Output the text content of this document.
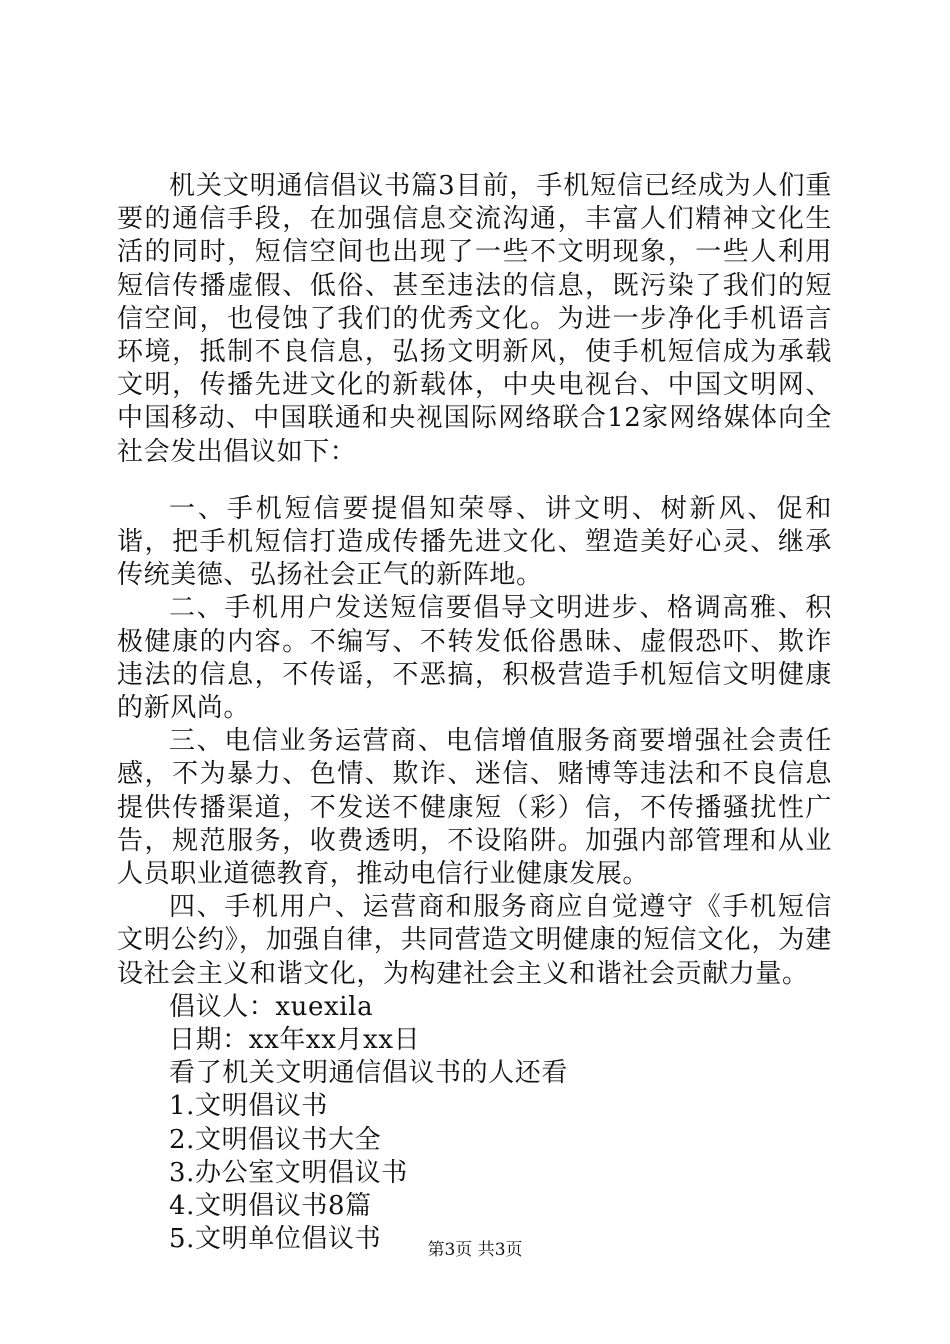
机关文明通信倡议书篇3目前，手机短信已经成为人们重要的通信手段，在加强信息交流沟通，丰富人们精神文化生活的同时，短信空间也出现了一些不文明现象，一些人利用短信传播虚假、低俗、甚至违法的信息，既污染了我们的短信空间，也侵蚀了我们的优秀文化。为进一步净化手机语言环境，抵制不良信息，弘扬文明新风，使手机短信成为承载文明，传播先进文化的新载体，中央电视台、中国文明网、中国移动、中国联通和央视国际网络联合12家网络媒体向全社会发出倡议如下：

一、手机短信要提倡知荣辱、讲文明、树新风、促和谐，把手机短信打造成传播先进文化、塑造美好心灵、继承传统美德、弘扬社会正气的新阵地。

二、手机用户发送短信要倡导文明进步、格调高雅、积极健康的内容。不编写、不转发低俗愚昧、虚假恐吓、欺诈违法的信息，不传谣，不恶搞，积极营造手机短信文明健康的新风尚。

三、电信业务运营商、电信增值服务商要增强社会责任感，不为暴力、色情、欺诈、迷信、赌博等违法和不良信息提供传播渠道，不发送不健康短（彩）信，不传播骚扰性广告，规范服务，收费透明，不设陷阱。加强内部管理和从业人员职业道德教育，推动电信行业健康发展。

四、手机用户、运营商和服务商应自觉遵守《手机短信文明公约》，加强自律，共同营造文明健康的短信文化，为建设社会主义和谐文化，为构建社会主义和谐社会贡献力量。

倡议人：xuexila

日期：xx年xx月xx日

看了机关文明通信倡议书的人还看

1.文明倡议书

2.文明倡议书大全

3.办公室文明倡议书

4.文明倡议书8篇

5.文明单位倡议书	第3页 共3页
